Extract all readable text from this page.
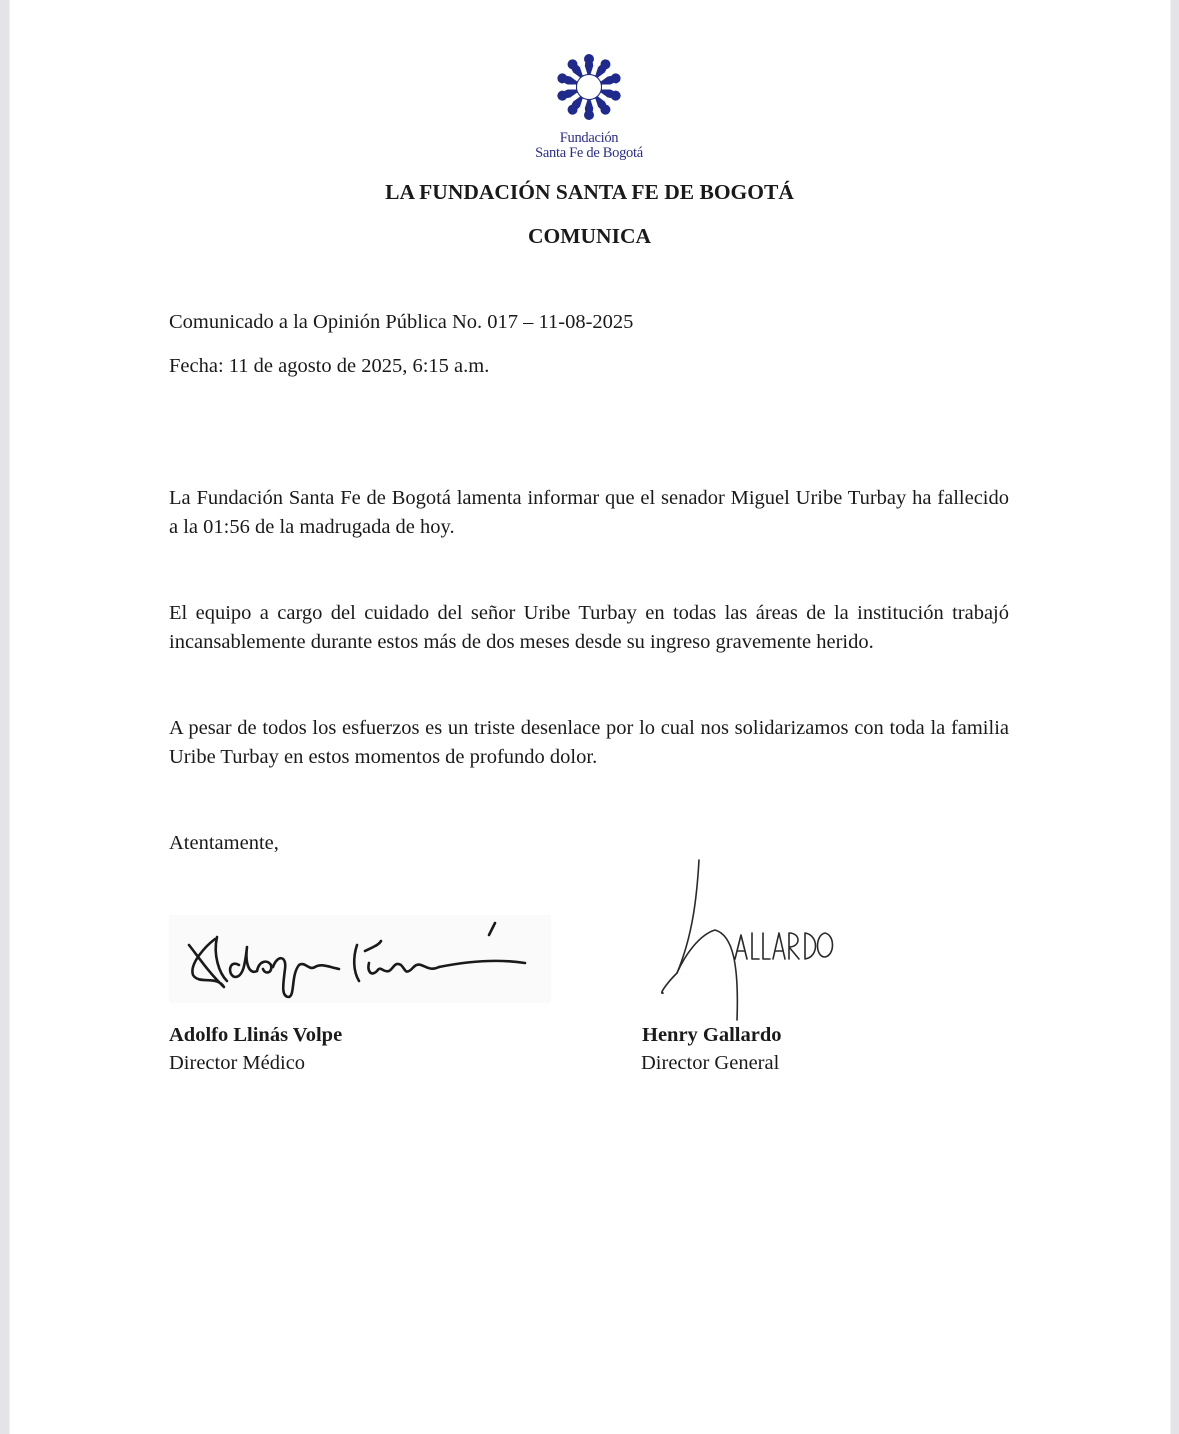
Fundación
Santa Fe de Bogotá
LA FUNDACIÓN SANTA FE DE BOGOTÁ
COMUNICA
Comunicado a la Opinión Pública No. 017 – 11-08-2025
Fecha: 11 de agosto de 2025, 6:15 a.m.
La Fundación Santa Fe de Bogotá lamenta informar que el senador Miguel Uribe Turbay ha fallecido a la 01:56 de la madrugada de hoy.
El equipo a cargo del cuidado del señor Uribe Turbay en todas las áreas de la institución trabajó incansablemente durante estos más de dos meses desde su ingreso gravemente herido.
A pesar de todos los esfuerzos es un triste desenlace por lo cual nos solidarizamos con toda la familia Uribe Turbay en estos momentos de profundo dolor.
Atentamente,
Adolfo Llinás Volpe
Director Médico
Henry Gallardo
Director General
